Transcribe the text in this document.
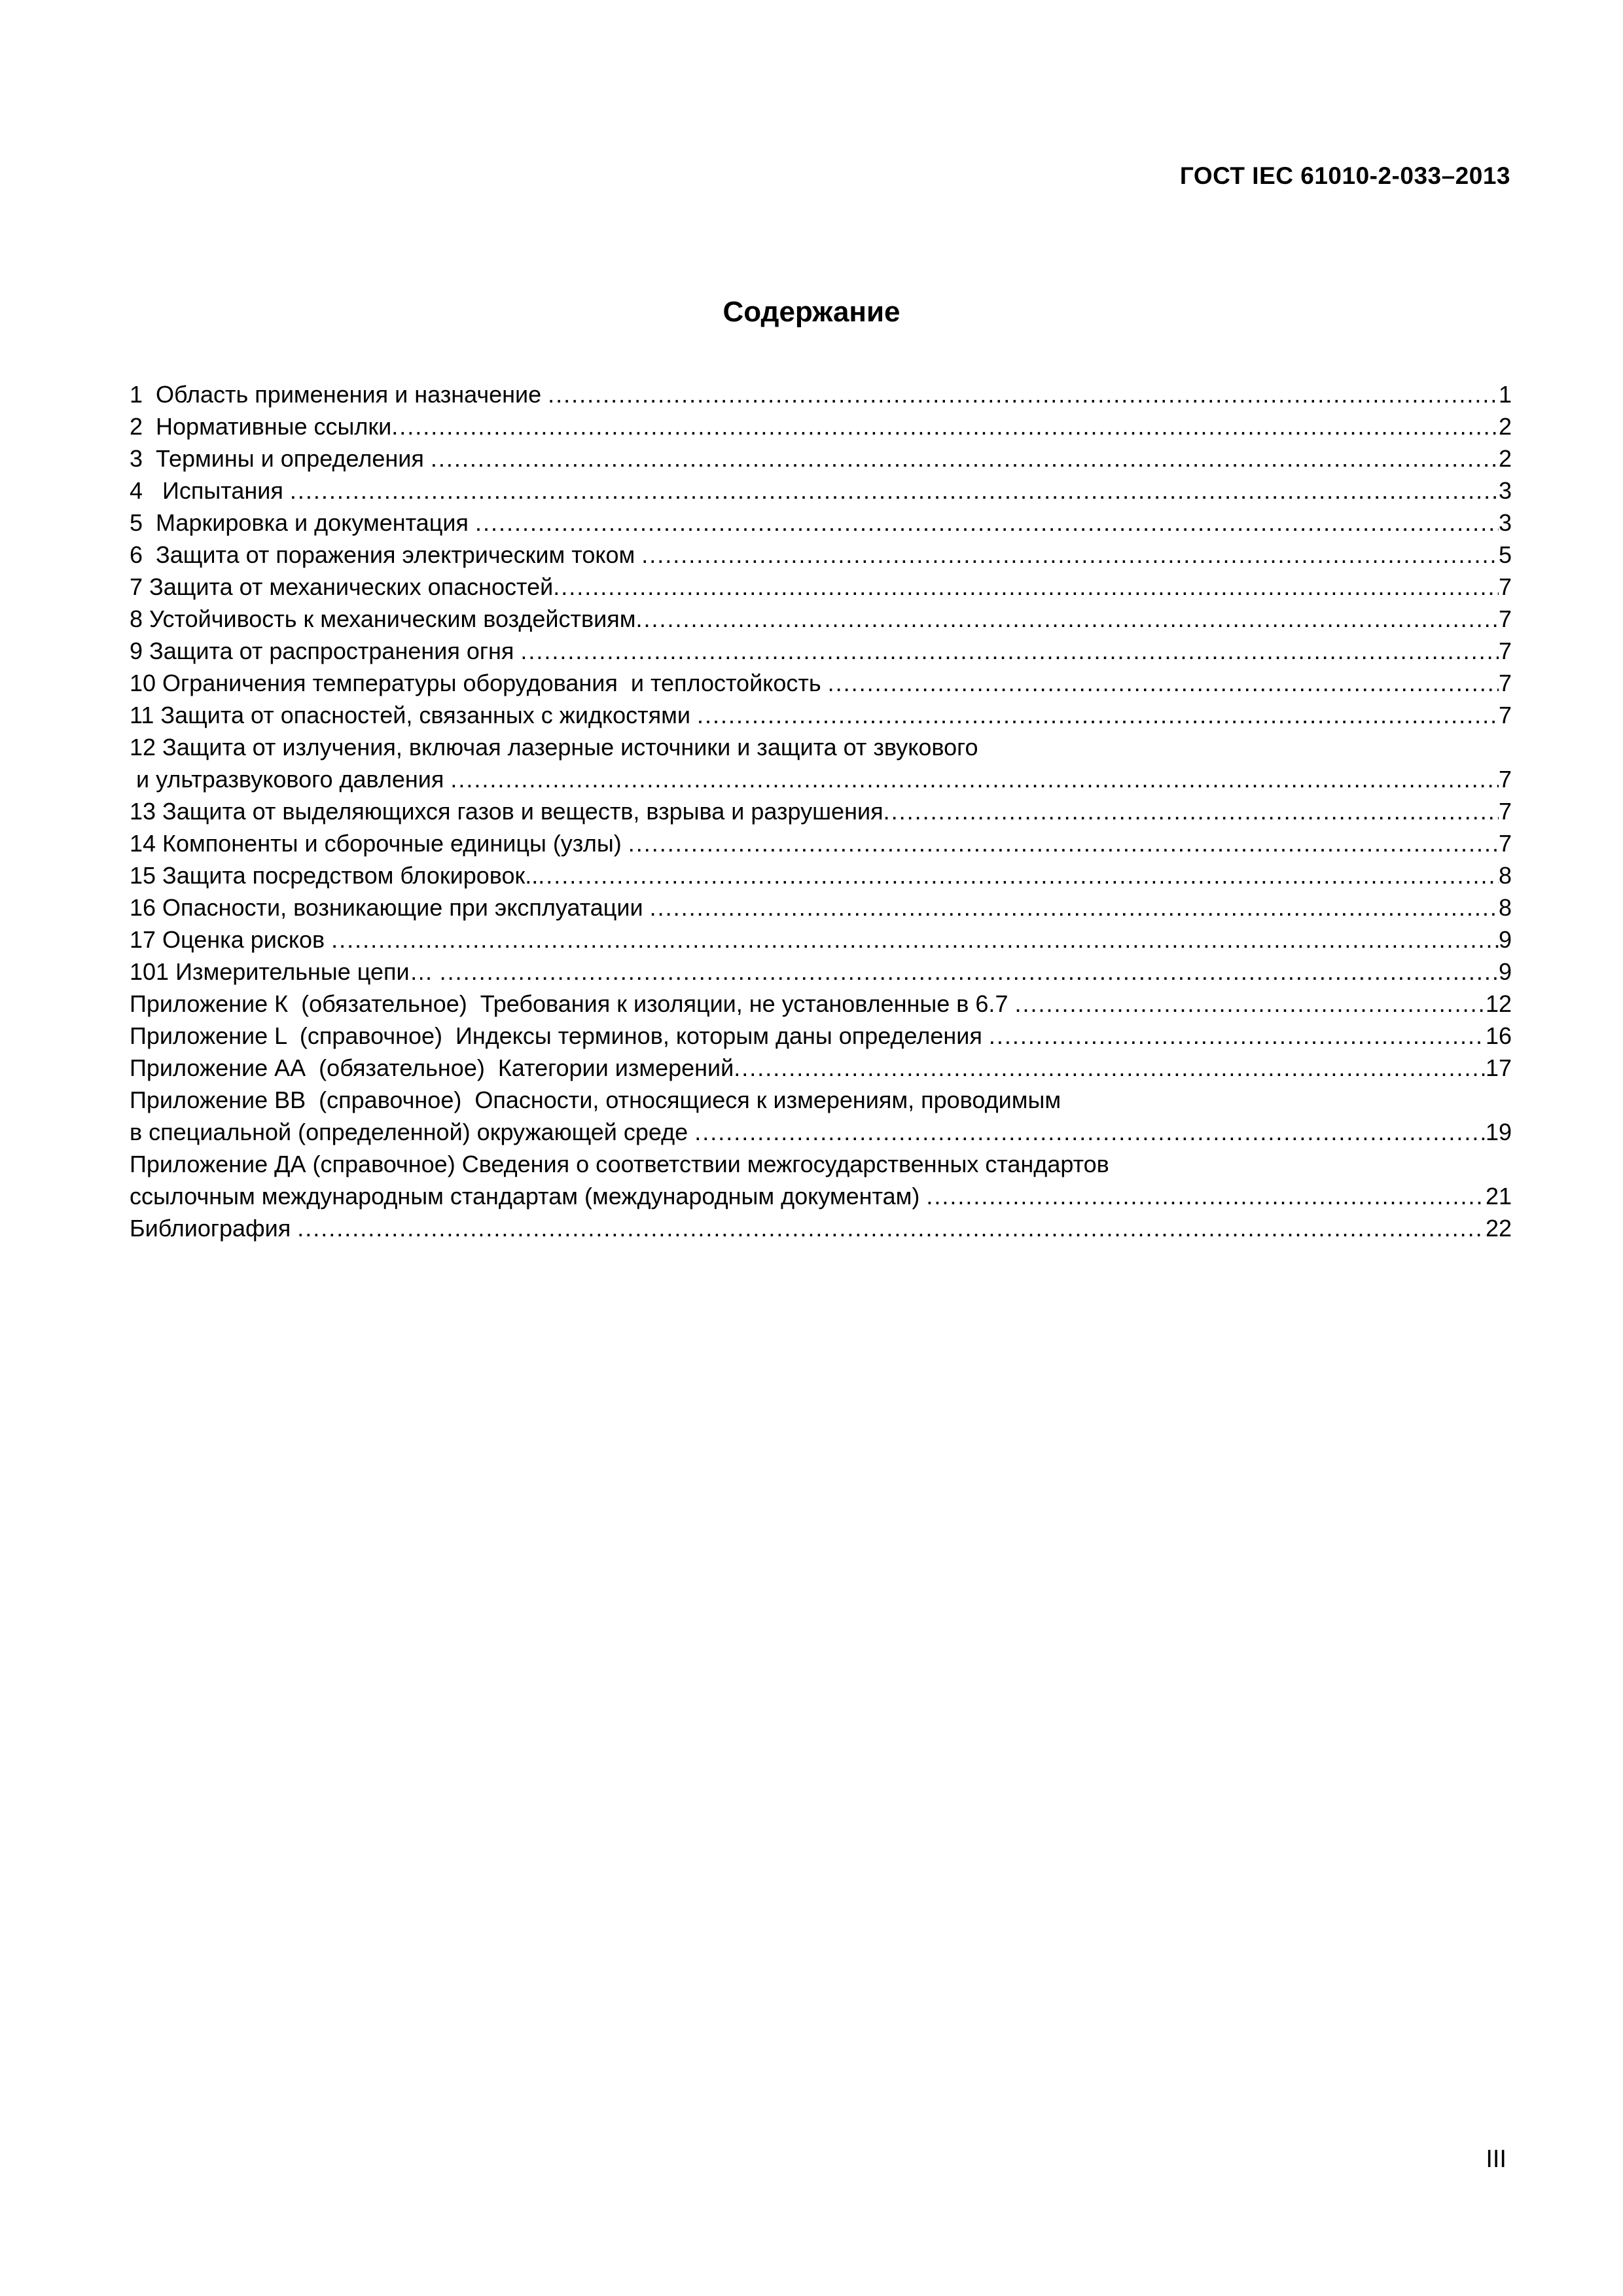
ГОСТ IEC 61010-2-033–2013
Содержание
1  Область применения и назначение .....	1
2  Нормативные ссылки .....	2
3  Термины и определения .....	2
4   Испытания .....	3
5  Маркировка и документация .....	3
6  Защита от поражения электрическим током .....	5
7 Защита от механических опасностей .....	7
8 Устойчивость к механическим воздействиям .....	7
9 Защита от распространения огня .....	7
10 Ограничения температуры оборудования  и теплостойкость .....	7
11 Защита от опасностей, связанных с жидкостями .....	7
12 Защита от излучения, включая лазерные источники и защита от звукового
и ультразвукового давления .....	7
13 Защита от выделяющихся газов и веществ, взрыва и разрушения .....	7
14 Компоненты и сборочные единицы (узлы) .....	7
15 Защита посредством блокировок.. .....	8
16 Опасности, возникающие при эксплуатации .....	8
17 Оценка рисков .....	9
101 Измерительные цепи… .....	9
Приложение К  (обязательное)  Требования к изоляции, не установленные в 6.7 .....	12
Приложение L  (справочное)  Индексы терминов, которым даны определения .....	16
Приложение АА  (обязательное)  Категории измерений .....	17
Приложение ВВ  (справочное)  Опасности, относящиеся к измерениям, проводимым
в специальной (определенной) окружающей среде .....	19
Приложение ДА (справочное) Сведения о соответствии межгосударственных стандартов
ссылочным международным стандартам (международным документам) .....	21
Библиография .....	22
III
